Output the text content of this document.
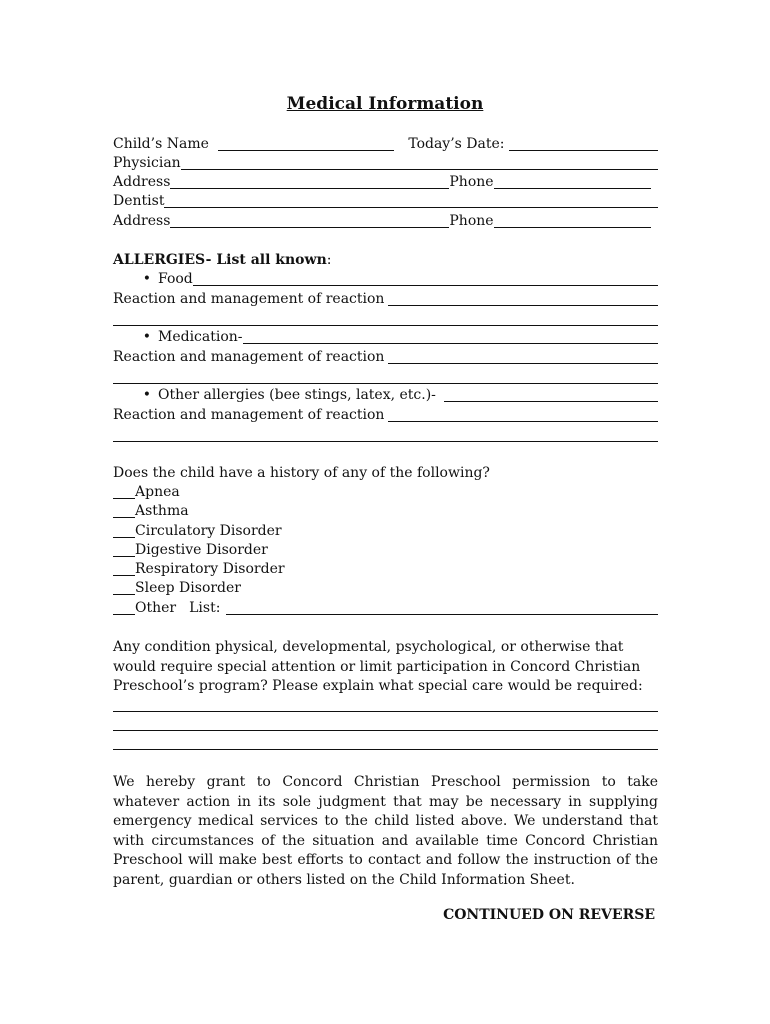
Medical Information
Child’s Name	Today’s Date:
Physician
Address	Phone
Dentist
Address	Phone
ALLERGIES- List all known :
• Food
Reaction and management of reaction
• Medication-
Reaction and management of reaction
• Other allergies (bee stings, latex, etc.)-
Reaction and management of reaction
Does the child have a history of any of the following?
Apnea
Asthma
Circulatory Disorder
Digestive Disorder
Respiratory Disorder
Sleep Disorder
Other List:
Any condition physical, developmental, psychological, or otherwise that would require special attention or limit participation in Concord Christian Preschool’s program? Please explain what special care would be required:
We hereby grant to Concord Christian Preschool permission to take whatever action in its sole judgment that may be necessary in supplying emergency medical services to the child listed above. We understand that with circumstances of the situation and available time Concord Christian Preschool will make best efforts to contact and follow the instruction of the parent, guardian or others listed on the Child Information Sheet.
CONTINUED ON REVERSE
